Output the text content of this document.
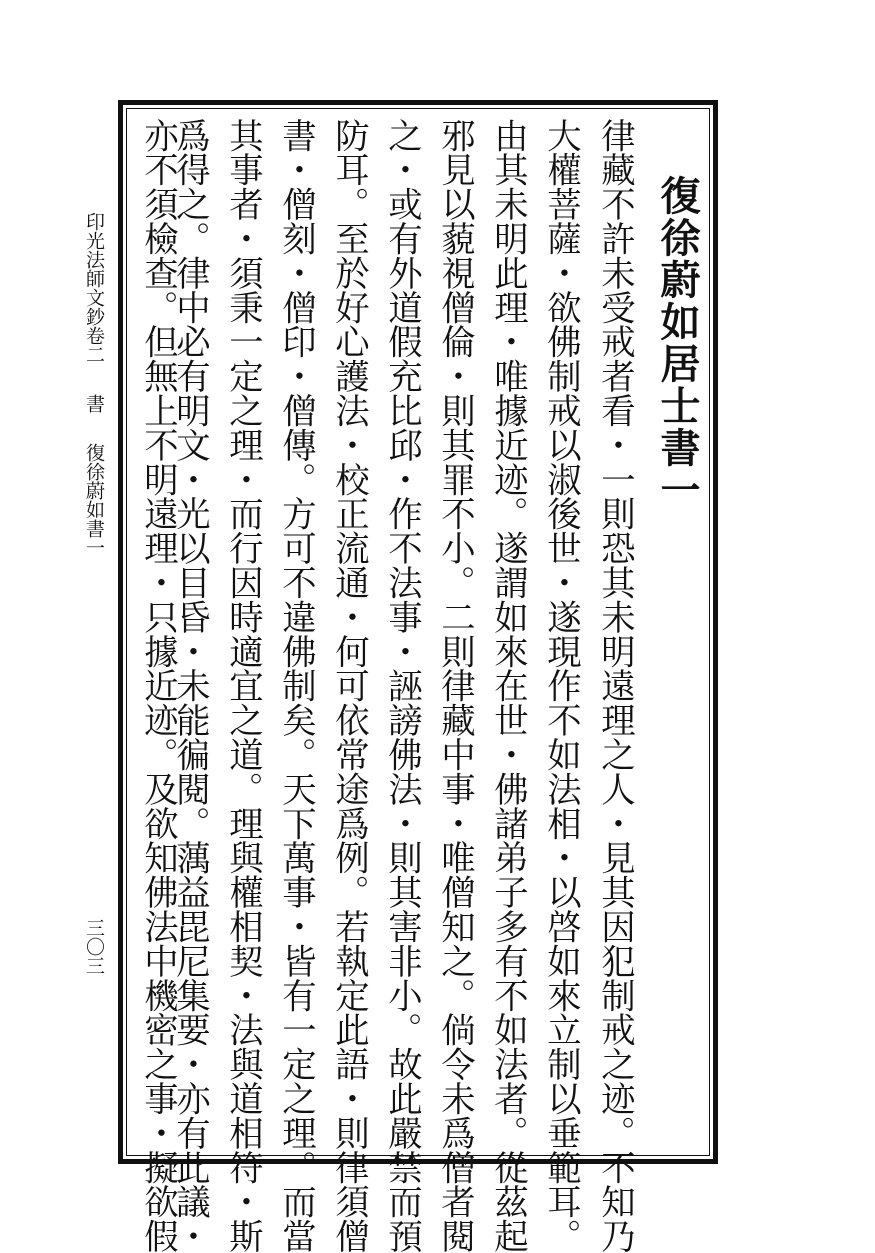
復徐蔚如居士書一
律藏不許未受戒者看・一則恐其未明遠理之人・見其因犯制戒之迹。不知乃
大權菩薩・欲佛制戒以淑後世・遂現作不如法相・以啓如來立制以垂範耳。
由其未明此理・唯據近迹。遂謂如來在世・佛諸弟子多有不如法者。從茲起
邪見以藐視僧倫・則其罪不小。二則律藏中事・唯僧知之。倘令未爲僧者閱
之・或有外道假充比邱・作不法事・誣謗佛法・則其害非小。故此嚴禁而預
防耳。至於好心護法・校正流通・何可依常途爲例。若執定此語・則律須僧
書・僧刻・僧印・僧傳。方可不違佛制矣。天下萬事・皆有一定之理。而當
其事者・須秉一定之理・而行因時適宜之道。理與權相契・法與道相符・斯
爲得之。律中必有明文・光以目昏・未能徧閱。蕅益毘尼集要・亦有此議・
亦不須檢查。但無上不明遠理・只據近迹。及欲知佛法中機密之事・擬欲假
印光法師文鈔卷二書復徐蔚如書一
三〇三
